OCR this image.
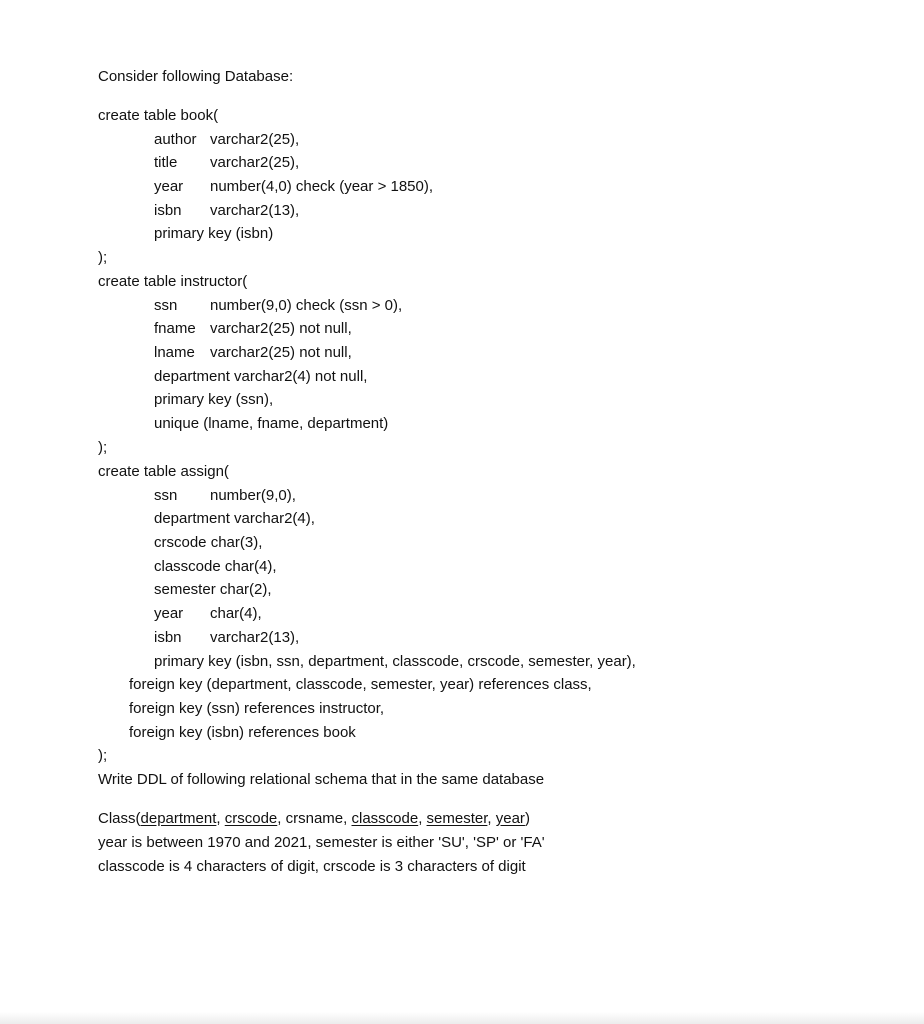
Consider following Database:
create table book(
author varchar2(25),
title varchar2(25),
year number(4,0) check (year > 1850),
isbn varchar2(13),
primary key (isbn)
);
create table instructor(
ssn number(9,0) check (ssn > 0),
fname varchar2(25) not null,
lname varchar2(25) not null,
department varchar2(4) not null,
primary key (ssn),
unique (lname, fname, department)
);
create table assign(
ssn number(9,0),
department varchar2(4),
crscode char(3),
classcode char(4),
semester char(2),
year char(4),
isbn varchar2(13),
primary key (isbn, ssn, department, classcode, crscode, semester, year),
foreign key (department, classcode, semester, year) references class,
foreign key (ssn) references instructor,
foreign key (isbn) references book
);
Write DDL of following relational schema that in the same database
Class(department, crscode, crsname, classcode, semester, year)
year is between 1970 and 2021, semester is either 'SU', 'SP' or 'FA'
classcode is 4 characters of digit, crscode is 3 characters of digit
